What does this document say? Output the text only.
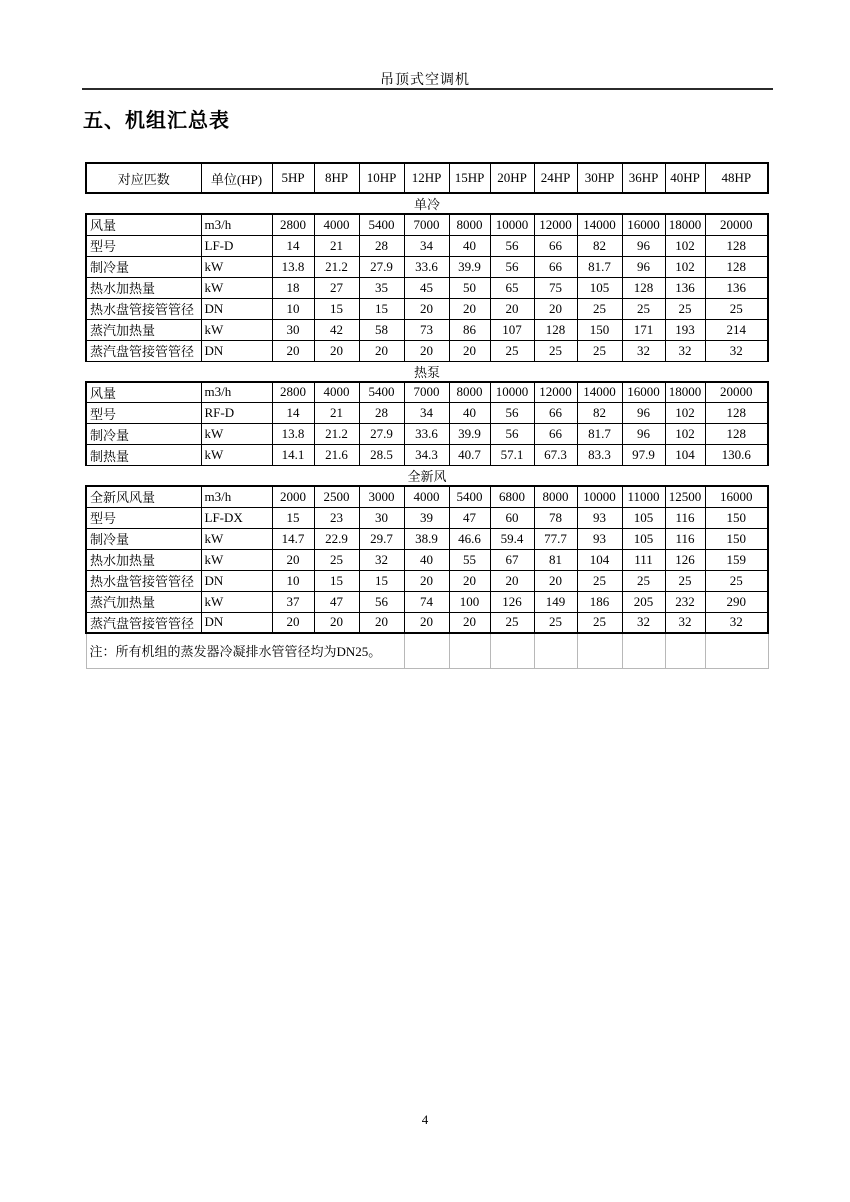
吊顶式空调机
五、机组汇总表
对应匹数	单位(HP)	5HP	8HP	10HP	12HP	15HP	20HP	24HP	30HP	36HP	40HP	48HP
单冷												
风量	m3/h	2800	4000	5400	7000	8000	10000	12000	14000	16000	18000	20000
型号	LF-D	14	21	28	34	40	56	66	82	96	102	128
制冷量	kW	13.8	21.2	27.9	33.6	39.9	56	66	81.7	96	102	128
热水加热量	kW	18	27	35	45	50	65	75	105	128	136	136
热水盘管接管管径	DN	10	15	15	20	20	20	20	25	25	25	25
蒸汽加热量	kW	30	42	58	73	86	107	128	150	171	193	214
蒸汽盘管接管管径	DN	20	20	20	20	20	25	25	25	32	32	32
热泵												
风量	m3/h	2800	4000	5400	7000	8000	10000	12000	14000	16000	18000	20000
型号	RF-D	14	21	28	34	40	56	66	82	96	102	128
制冷量	kW	13.8	21.2	27.9	33.6	39.9	56	66	81.7	96	102	128
制热量	kW	14.1	21.6	28.5	34.3	40.7	57.1	67.3	83.3	97.9	104	130.6
全新风												
全新风风量	m3/h	2000	2500	3000	4000	5400	6800	8000	10000	11000	12500	16000
型号	LF-DX	15	23	30	39	47	60	78	93	105	116	150
制冷量	kW	14.7	22.9	29.7	38.9	46.6	59.4	77.7	93	105	116	150
热水加热量	kW	20	25	32	40	55	67	81	104	111	126	159
热水盘管接管管径	DN	10	15	15	20	20	20	20	25	25	25	25
蒸汽加热量	kW	37	47	56	74	100	126	149	186	205	232	290
蒸汽盘管接管管径	DN	20	20	20	20	20	25	25	25	32	32	32
注：所有机组的蒸发器冷凝排水管管径均为DN25。												
4
